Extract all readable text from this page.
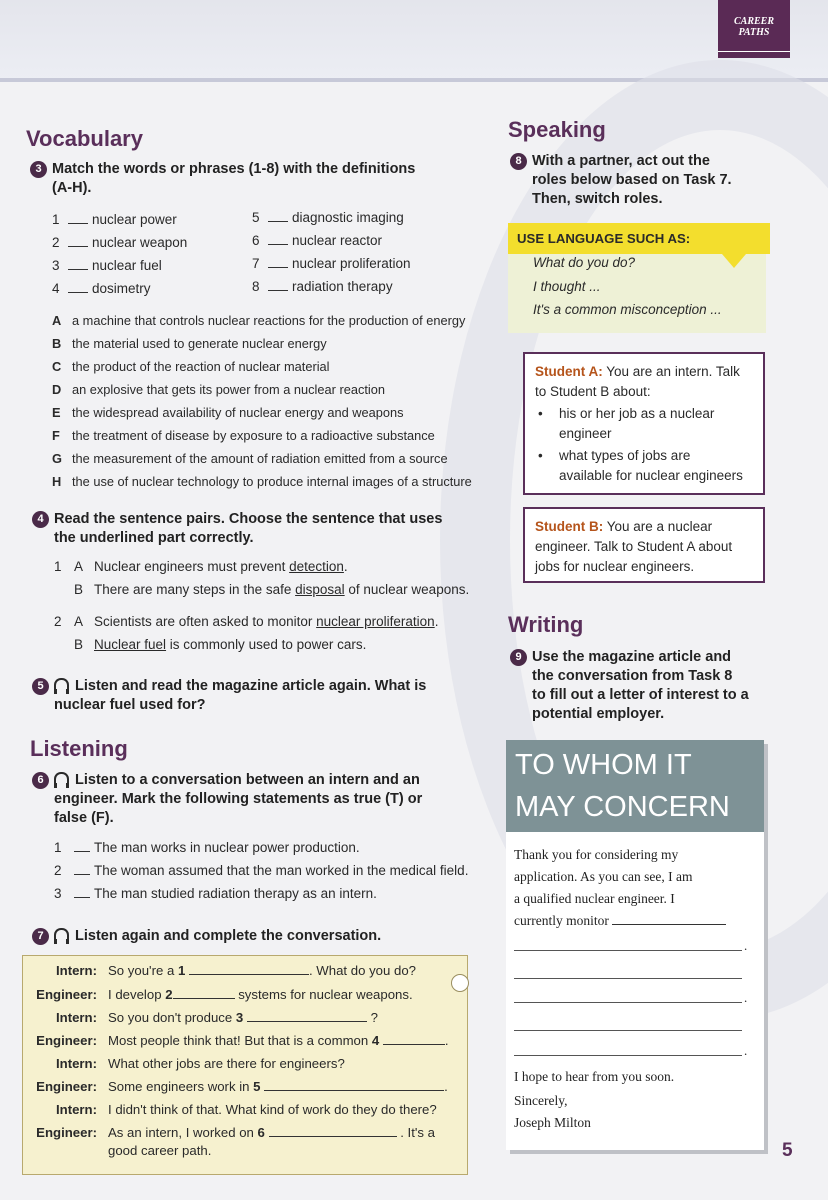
CAREER
PATHS
Vocabulary
3 Match the words or phrases (1-8) with the definitions
(A-H).
1 nuclear power
2 nuclear weapon
3 nuclear fuel
4 dosimetry
5 diagnostic imaging
6 nuclear reactor
7 nuclear proliferation
8 radiation therapy
A a machine that controls nuclear reactions for the production of energy
B the material used to generate nuclear energy
C the product of the reaction of nuclear material
D an explosive that gets its power from a nuclear reaction
E the widespread availability of nuclear energy and weapons
F the treatment of disease by exposure to a radioactive substance
G the measurement of the amount of radiation emitted from a source
H the use of nuclear technology to produce internal images of a structure
4 Read the sentence pairs. Choose the sentence that uses
the underlined part correctly.
1 A Nuclear engineers must prevent detection.
B There are many steps in the safe disposal of nuclear weapons.
2 A Scientists are often asked to monitor nuclear proliferation.
B Nuclear fuel is commonly used to power cars.
5 Listen and read the magazine article again. What is
nuclear fuel used for?
Listening
6 Listen to a conversation between an intern and an
engineer. Mark the following statements as true (T) or
false (F).
1 The man works in nuclear power production.
2 The woman assumed that the man worked in the medical field.
3 The man studied radiation therapy as an intern.
7 Listen again and complete the conversation.
Intern: So you're a 1	. What do you do?
Engineer: I develop 2	systems for nuclear weapons.
Intern: So you don't produce 3	?
Engineer: Most people think that! But that is a common 4	.
Intern: What other jobs are there for engineers?
Engineer: Some engineers work in 5	.
Intern: I didn't think of that. What kind of work do they do there?
Engineer: As an intern, I worked on 6	. It's a
good career path.
Speaking
8 With a partner, act out the
roles below based on Task 7.
Then, switch roles.
USE LANGUAGE SUCH AS:
What do you do?
I thought ...
It's a common misconception ...
Student A: You are an intern. Talk
to Student B about:
• his or her job as a nuclear
engineer
• what types of jobs are
available for nuclear engineers
Student B: You are a nuclear
engineer. Talk to Student A about
jobs for nuclear engineers.
Writing
9 Use the magazine article and
the conversation from Task 8
to fill out a letter of interest to a
potential employer.
TO WHOM IT
MAY CONCERN
Thank you for considering my
application. As you can see, I am
a qualified nuclear engineer. I
currently monitor
.
.
.
I hope to hear from you soon.
Sincerely,
Joseph Milton
5
